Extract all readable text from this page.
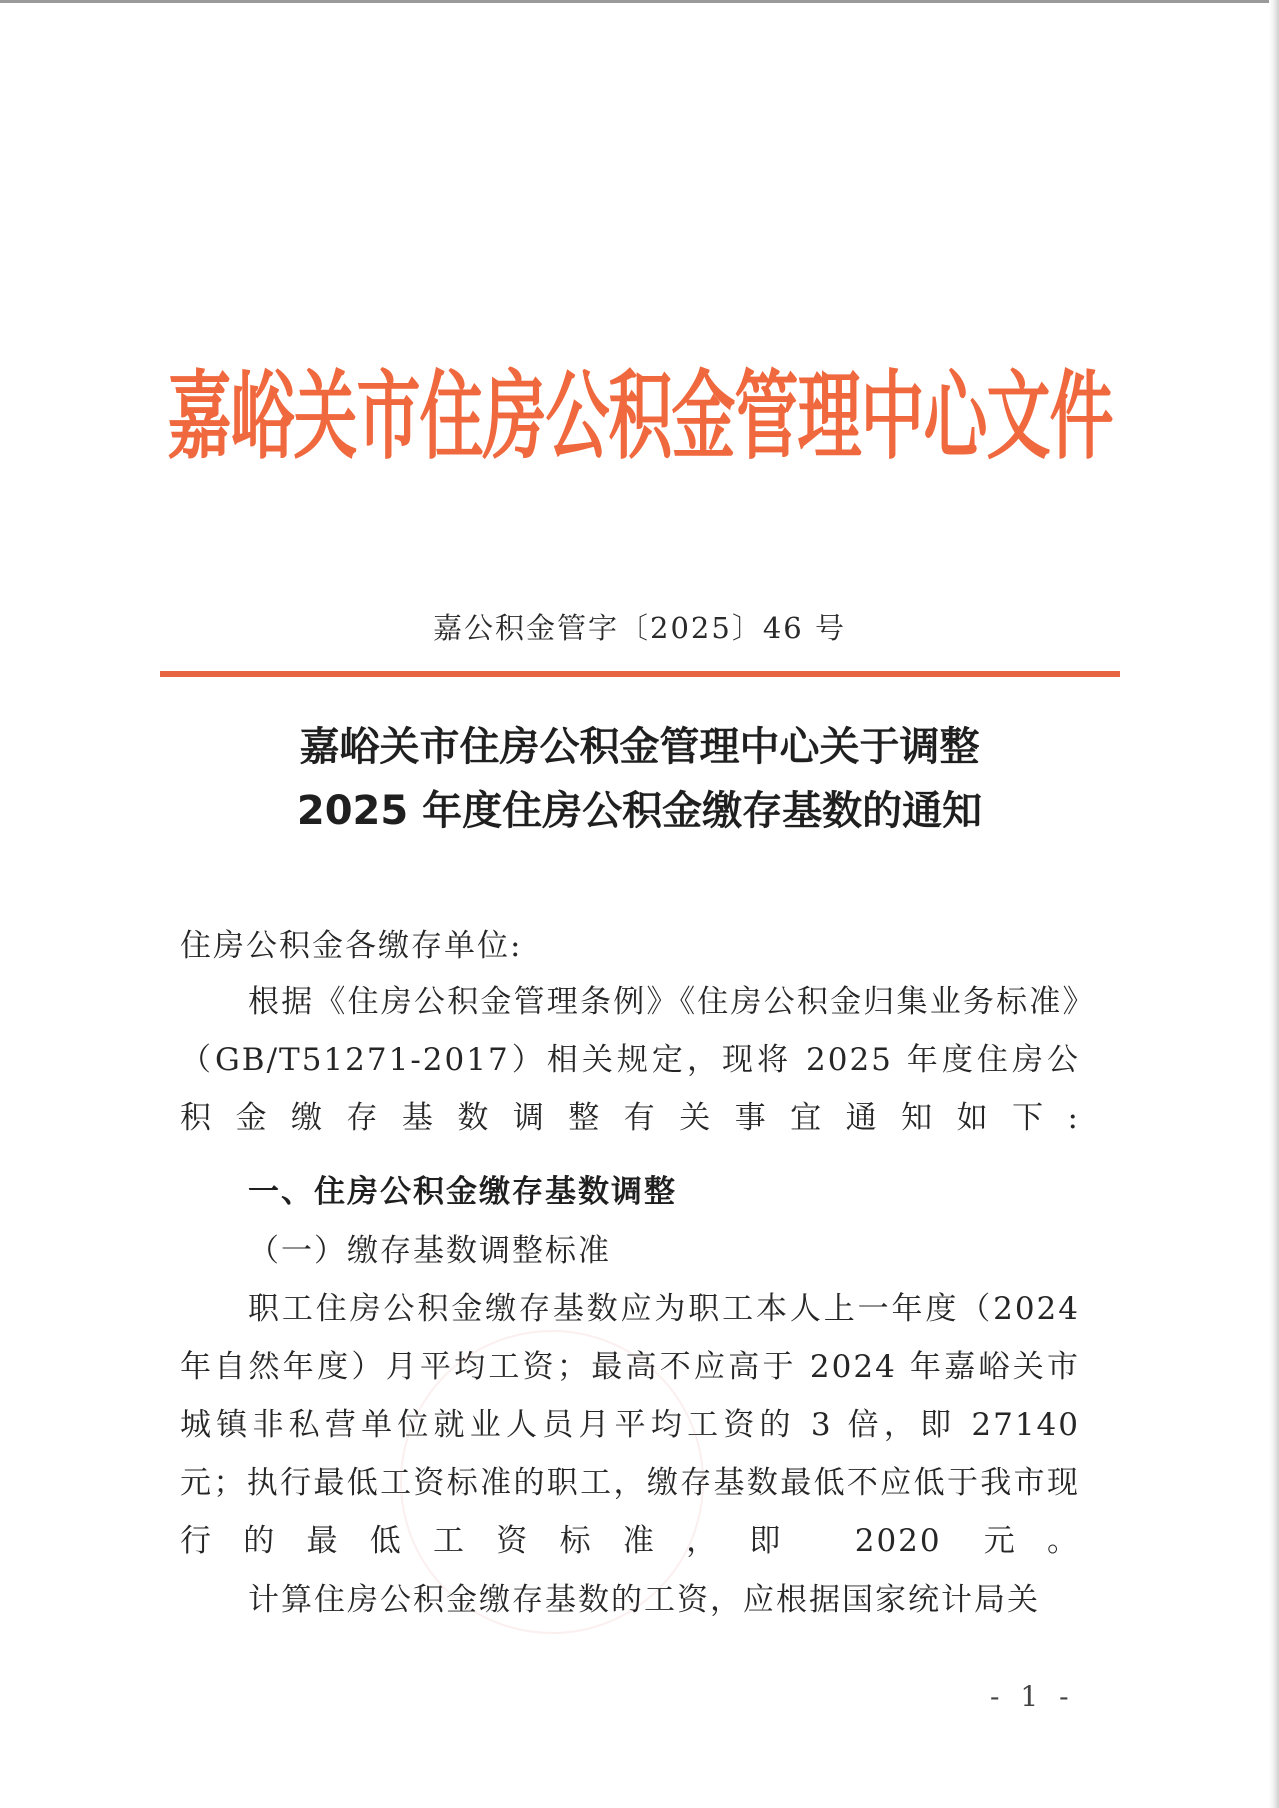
嘉峪关市住房公积金管理中心文件
嘉公积金管字〔2025〕46 号
嘉峪关市住房公积金管理中心关于调整
2025 年度住房公积金缴存基数的通知
住房公积金各缴存单位:
根据《住房公积金管理条例》《住房公积金归集业务标准》（GB/T51271-2017）相关规定，现将 2025 年度住房公积金缴存基数调整有关事宜通知如下:
一、住房公积金缴存基数调整
（一）缴存基数调整标准
职工住房公积金缴存基数应为职工本人上一年度（2024 年自然年度）月平均工资；最高不应高于 2024 年嘉峪关市城镇非私营单位就业人员月平均工资的 3 倍，即 27140 元；执行最低工资标准的职工，缴存基数最低不应低于我市现行的最低工资标准，即 2020 元。
计算住房公积金缴存基数的工资，应根据国家统计局关
- 1 -
